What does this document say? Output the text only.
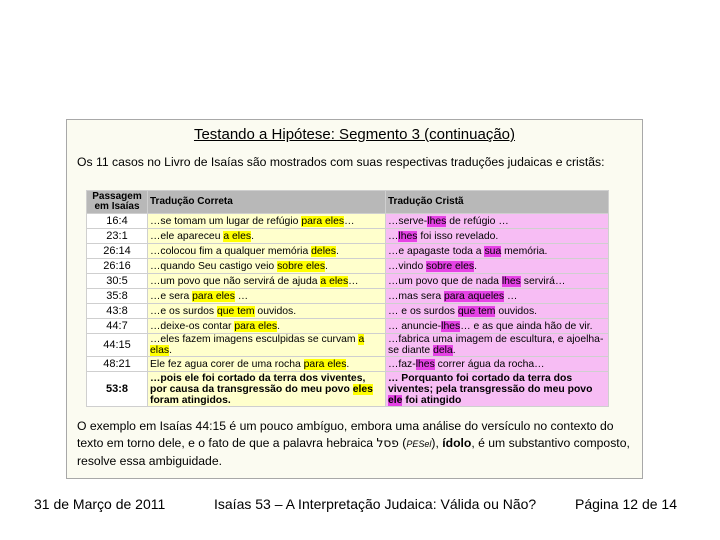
Testando a Hipótese: Segmento 3 (continuação)
Os 11 casos no Livro de Isaías são mostrados com suas respectivas traduções judaicas e cristãs:
O exemplo em Isaías 44:15 é um pouco ambíguo, embora uma análise do versículo no contexto do texto em torno dele, e o fato de que a palavra hebraica פסל (PESel), ídolo, é um substantivo composto, resolve essa ambiguidade.
Passagem
em Isaías	Tradução Correta	Tradução Cristã
16:4	…se tomam um lugar de refúgio para eles…	…serve-lhes de refúgio …
23:1	…ele apareceu a eles.	…lhes foi isso revelado.
26:14	…colocou fim a qualquer memória deles.	…e apagaste toda a sua memória.
26:16	…quando Seu castigo veio sobre eles.	…vindo sobre eles.
30:5	…um povo que não servirá de ajuda a eles…	…um povo que de nada lhes servirá…
35:8	…e sera para eles …	…mas sera para aqueles …
43:8	…e os surdos que tem ouvidos.	… e os surdos que tem ouvidos.
44:7	…deixe-os contar para eles.	… anuncie-lhes… e as que ainda hão de vir.
44:15	…eles fazem imagens esculpidas se curvam a elas.	…fabrica uma imagem de escultura, e ajoelha-se diante dela.
48:21	Ele fez agua corer de uma rocha para eles.	…faz-lhes correr água da rocha…
53:8	…pois ele foi cortado da terra dos viventes, por causa da transgressão do meu povo eles foram atingidos.	… Porquanto foi cortado da terra dos viventes; pela transgressão do meu povo ele foi atingido
31 de Março de 2011	Isaías 53 – A Interpretação Judaica: Válida ou Não?	Página 12 de 14
